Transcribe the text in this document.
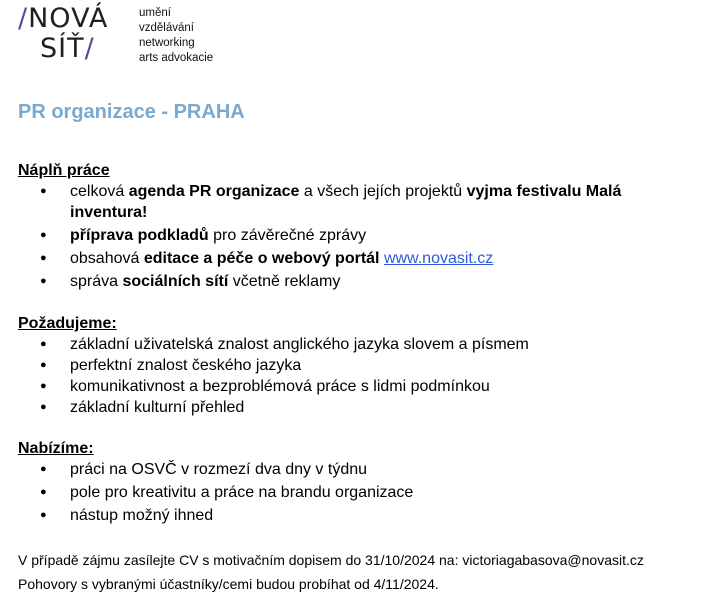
/NOVÁ
SÍŤ/
umění
vzdělávání
networking
arts advokacie
PR organizace - PRAHA
Náplň práce
● celková agenda PR organizace a všech jejích projektů vyjma festivalu Malá inventura!
● příprava podkladů pro závěrečné zprávy
● obsahová editace a péče o webový portál www.novasit.cz
● správa sociálních sítí včetně reklamy
Požadujeme:
● základní uživatelská znalost anglického jazyka slovem a písmem
● perfektní znalost českého jazyka
● komunikativnost a bezproblémová práce s lidmi podmínkou
● základní kulturní přehled
Nabízíme:
● práci na OSVČ v rozmezí dva dny v týdnu
● pole pro kreativitu a práce na brandu organizace
● nástup možný ihned
V případě zájmu zasílejte CV s motivačním dopisem do 31/10/2024 na: victoriagabasova@novasit.cz
Pohovory s vybranými účastníky/cemi budou probíhat od 4/11/2024.
